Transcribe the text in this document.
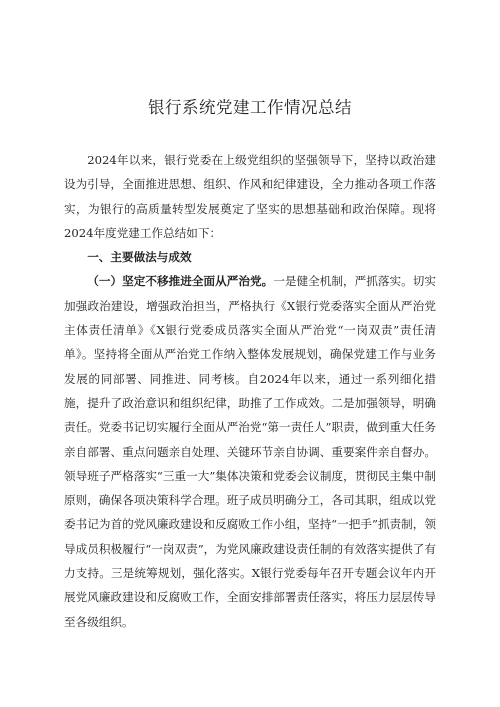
银行系统党建工作情况总结

2024年以来，银行党委在上级党组织的坚强领导下，坚持以政治建设为引导，全面推进思想、组织、作风和纪律建设，全力推动各项工作落实，为银行的高质量转型发展奠定了坚实的思想基础和政治保障。现将2024年度党建工作总结如下：

一、主要做法与成效

（一）坚定不移推进全面从严治党。一是健全机制，严抓落实。切实加强政治建设，增强政治担当，严格执行《X银行党委落实全面从严治党主体责任清单》《X银行党委成员落实全面从严治党“一岗双责”责任清单》。坚持将全面从严治党工作纳入整体发展规划，确保党建工作与业务发展的同部署、同推进、同考核。自2024年以来，通过一系列细化措施，提升了政治意识和组织纪律，助推了工作成效。二是加强领导，明确责任。党委书记切实履行全面从严治党“第一责任人”职责，做到重大任务亲自部署、重点问题亲自处理、关键环节亲自协调、重要案件亲自督办。领导班子严格落实“三重一大”集体决策和党委会议制度，贯彻民主集中制原则，确保各项决策科学合理。班子成员明确分工，各司其职，组成以党委书记为首的党风廉政建设和反腐败工作小组，坚持“一把手”抓责制，领导成员积极履行“一岗双责”，为党风廉政建设责任制的有效落实提供了有力支持。三是统筹规划，强化落实。X银行党委每年召开专题会议年内开展党风廉政建设和反腐败工作，全面安排部署责任落实，将压力层层传导至各级组织。
